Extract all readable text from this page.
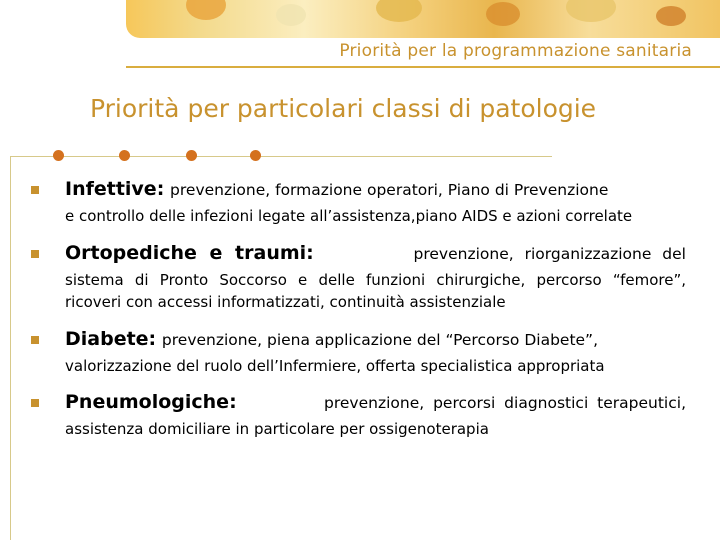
Priorità per la programmazione sanitaria
Priorità per particolari classi di patologie
Infettive: prevenzione, formazione operatori, Piano di Prevenzione
e controllo delle infezioni legate all’assistenza,piano AIDS e azioni correlate
Ortopediche e traumi:	prevenzione, riorganizzazione del
sistema di Pronto Soccorso e delle funzioni chirurgiche, percorso “femore”, ricoveri con accessi informatizzati, continuità assistenziale
Diabete: prevenzione, piena applicazione del “Percorso Diabete”,
valorizzazione del ruolo dell’Infermiere, offerta specialistica appropriata
Pneumologiche:	prevenzione, percorsi diagnostici terapeutici,
assistenza domiciliare in particolare per ossigenoterapia
